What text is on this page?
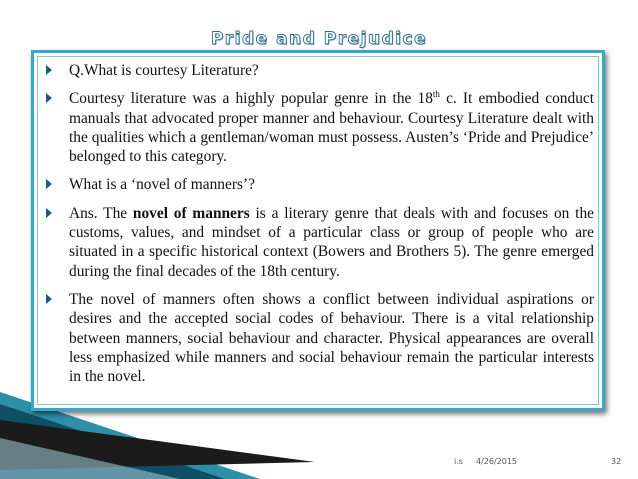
Pride and Prejudice
Q.What is courtesy Literature?
Courtesy literature was a highly popular genre in the 18th c. It embodied conduct manuals that advocated proper manner and behaviour. Courtesy Literature dealt with the qualities which a gentleman/woman must possess. Austen’s ‘Pride and Prejudice’ belonged to this category.
What is a ‘novel of manners’?
Ans. The novel of manners is a literary genre that deals with and focuses on the customs, values, and mindset of a particular class or group of people who are situated in a specific historical context (Bowers and Brothers 5). The genre emerged during the final decades of the 18th century.
The novel of manners often shows a conflict between individual aspirations or desires and the accepted social codes of behaviour. There is a vital relationship between manners, social behaviour and character. Physical appearances are overall less emphasized while manners and social behaviour remain the particular interests in the novel.
i.s 4/26/2015	32
